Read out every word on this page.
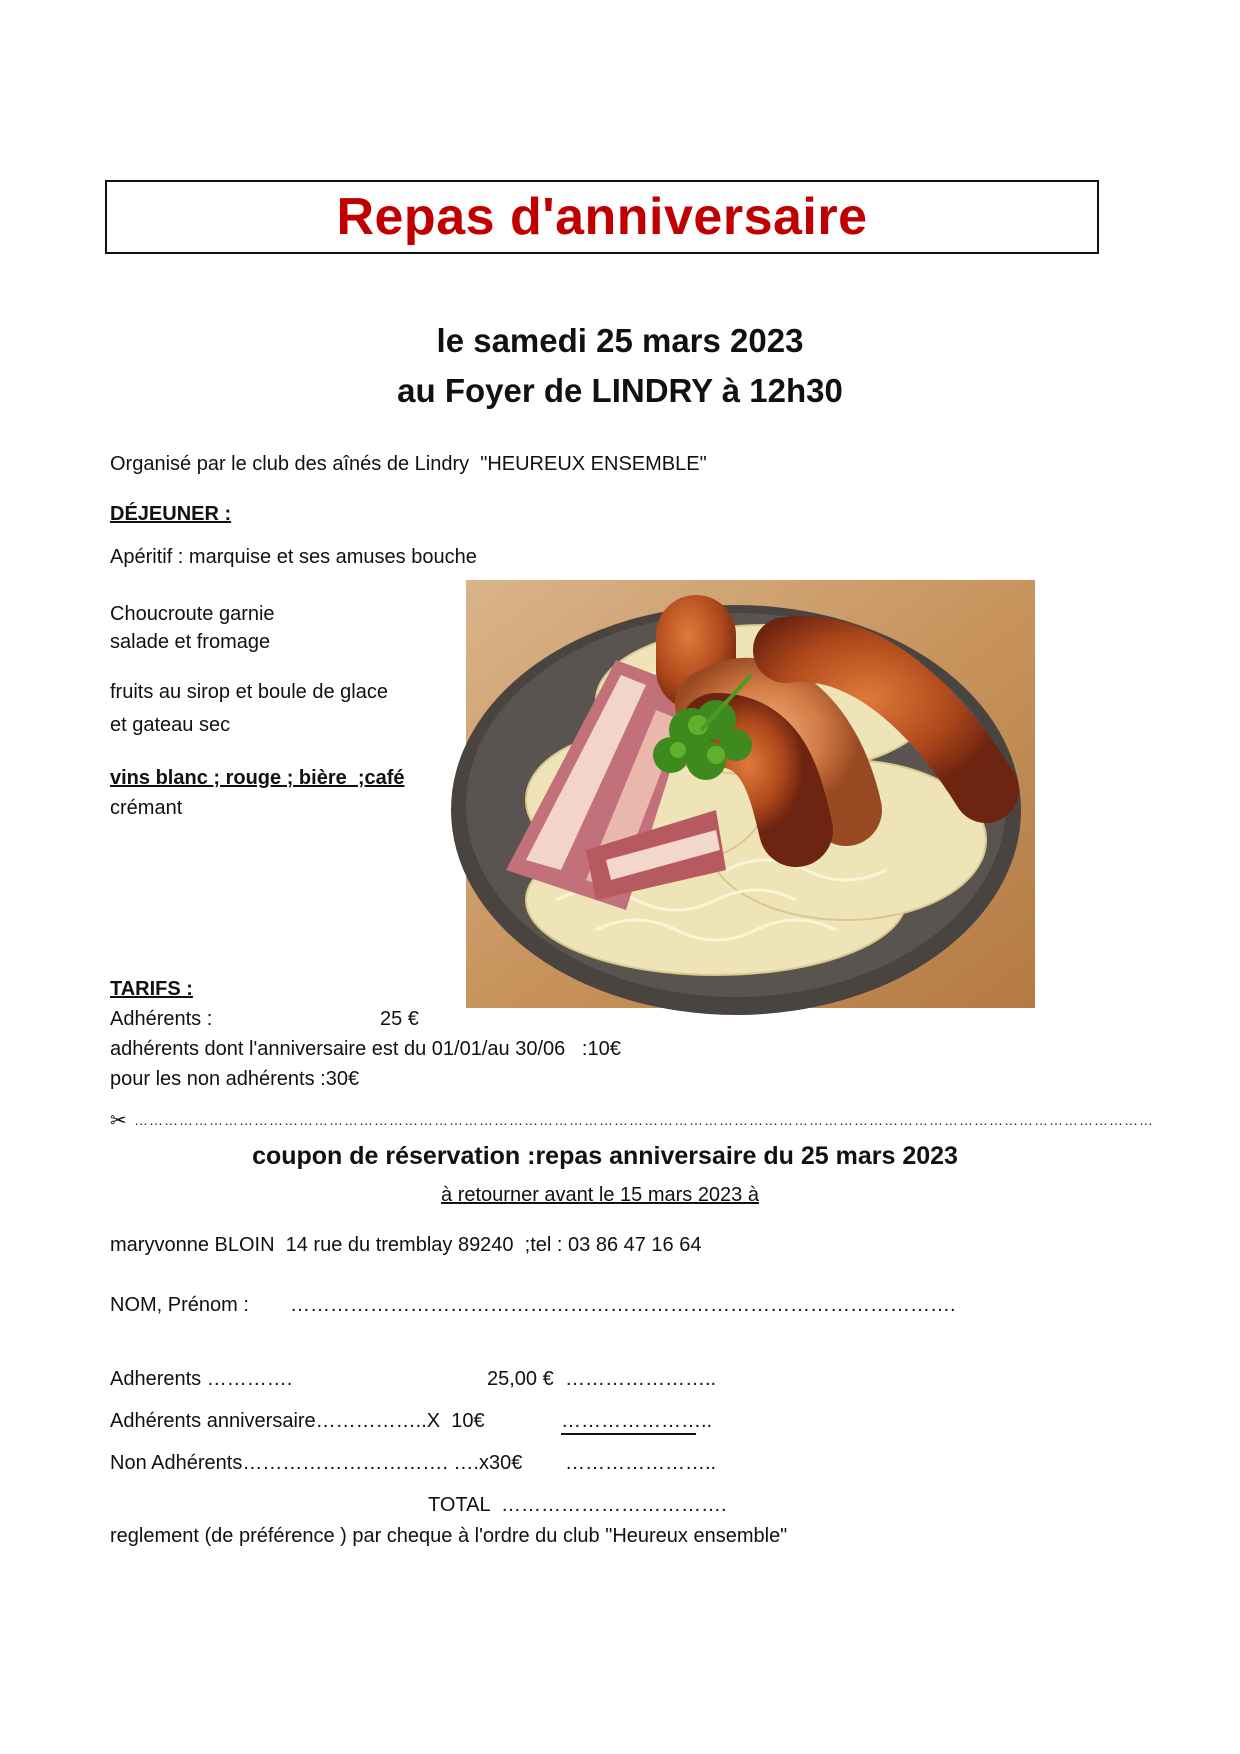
Repas d'anniversaire
le samedi 25 mars 2023
au Foyer de LINDRY à 12h30
Organisé par le club des aînés de Lindry  "HEUREUX ENSEMBLE"
DÉJEUNER :
Apéritif : marquise et ses amuses bouche
Choucroute garnie
salade et fromage
fruits au sirop et boule de glace
et gateau sec
vins blanc ; rouge ; bière  ;café
crémant
TARIFS :
Adhérents :	25 €
adhérents dont l'anniversaire est du 01/01/au 30/06   :10€
pour les non adhérents :30€
✂ ……………………………………………………………………………………………………………………………………………………………………………………
coupon de réservation :repas anniversaire du 25 mars 2023
à retourner avant le 15 mars 2023 à
maryvonne BLOIN  14 rue du tremblay 89240  ;tel : 03 86 47 16 64
NOM, Prénom : ……………………………………………………………………………………….
Adherents ………….	25,00 € …………………..
Adhérents anniversaire……………..X  10€	…………………..
Non Adhérents…………………………. ….x30€ …………………..
TOTAL  …………………………….
reglement (de préférence ) par cheque à l'ordre du club "Heureux ensemble"
